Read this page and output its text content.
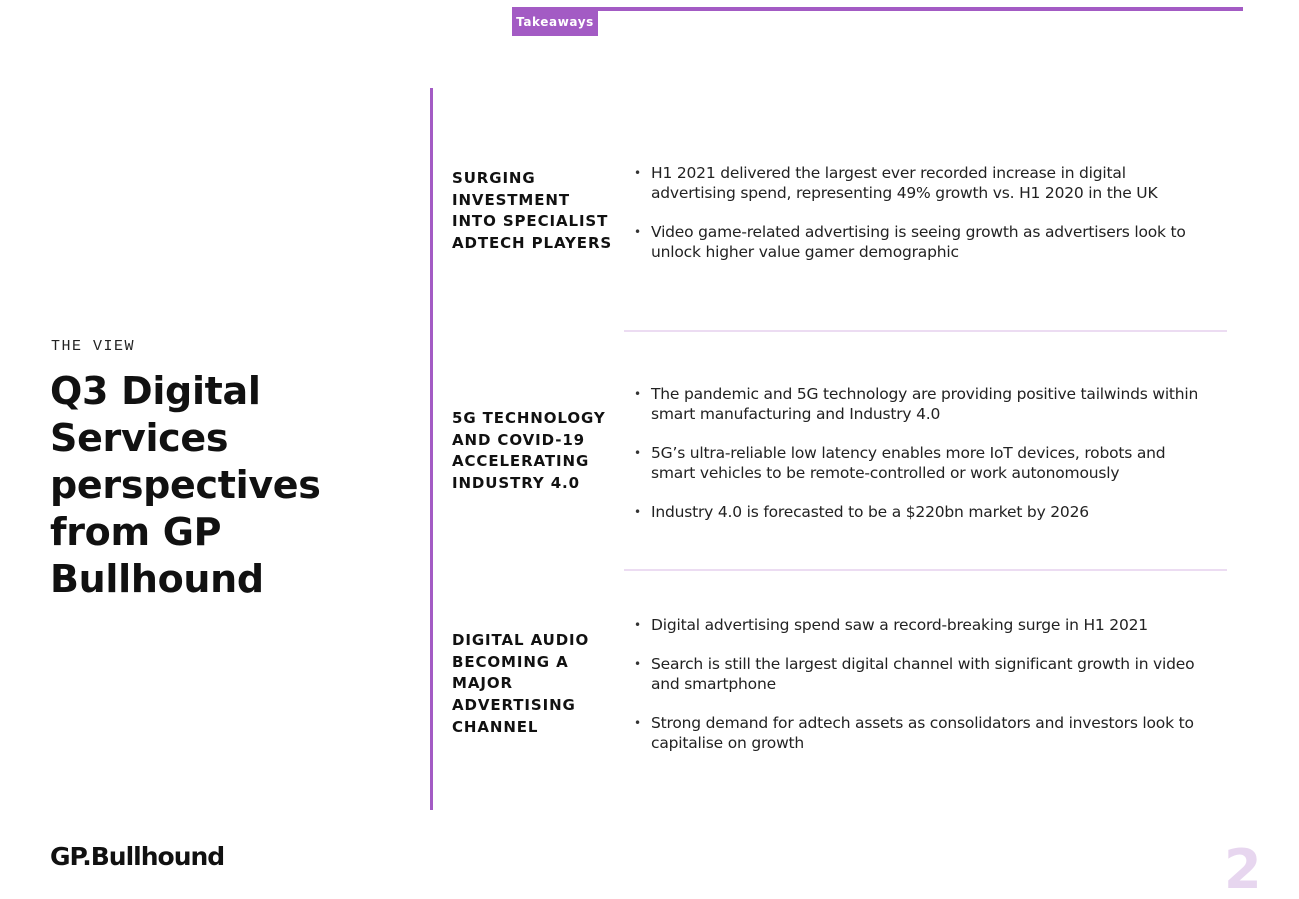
Takeaways
THE VIEW
Q3 Digital Services perspectives from GP Bullhound
SURGING INVESTMENT INTO SPECIALIST ADTECH PLAYERS
• H1 2021 delivered the largest ever recorded increase in digital advertising spend, representing 49% growth vs. H1 2020 in the UK
• Video game-related advertising is seeing growth as advertisers look to unlock higher value gamer demographic
5G TECHNOLOGY AND COVID-19 ACCELERATING INDUSTRY 4.0
• The pandemic and 5G technology are providing positive tailwinds within smart manufacturing and Industry 4.0
• 5G’s ultra-reliable low latency enables more IoT devices, robots and smart vehicles to be remote-controlled or work autonomously
• Industry 4.0 is forecasted to be a $220bn market by 2026
DIGITAL AUDIO BECOMING A MAJOR ADVERTISING CHANNEL
• Digital advertising spend saw a record-breaking surge in H1 2021
• Search is still the largest digital channel with significant growth in video and smartphone
• Strong demand for adtech assets as consolidators and investors look to capitalise on growth
GP.Bullhound	2
